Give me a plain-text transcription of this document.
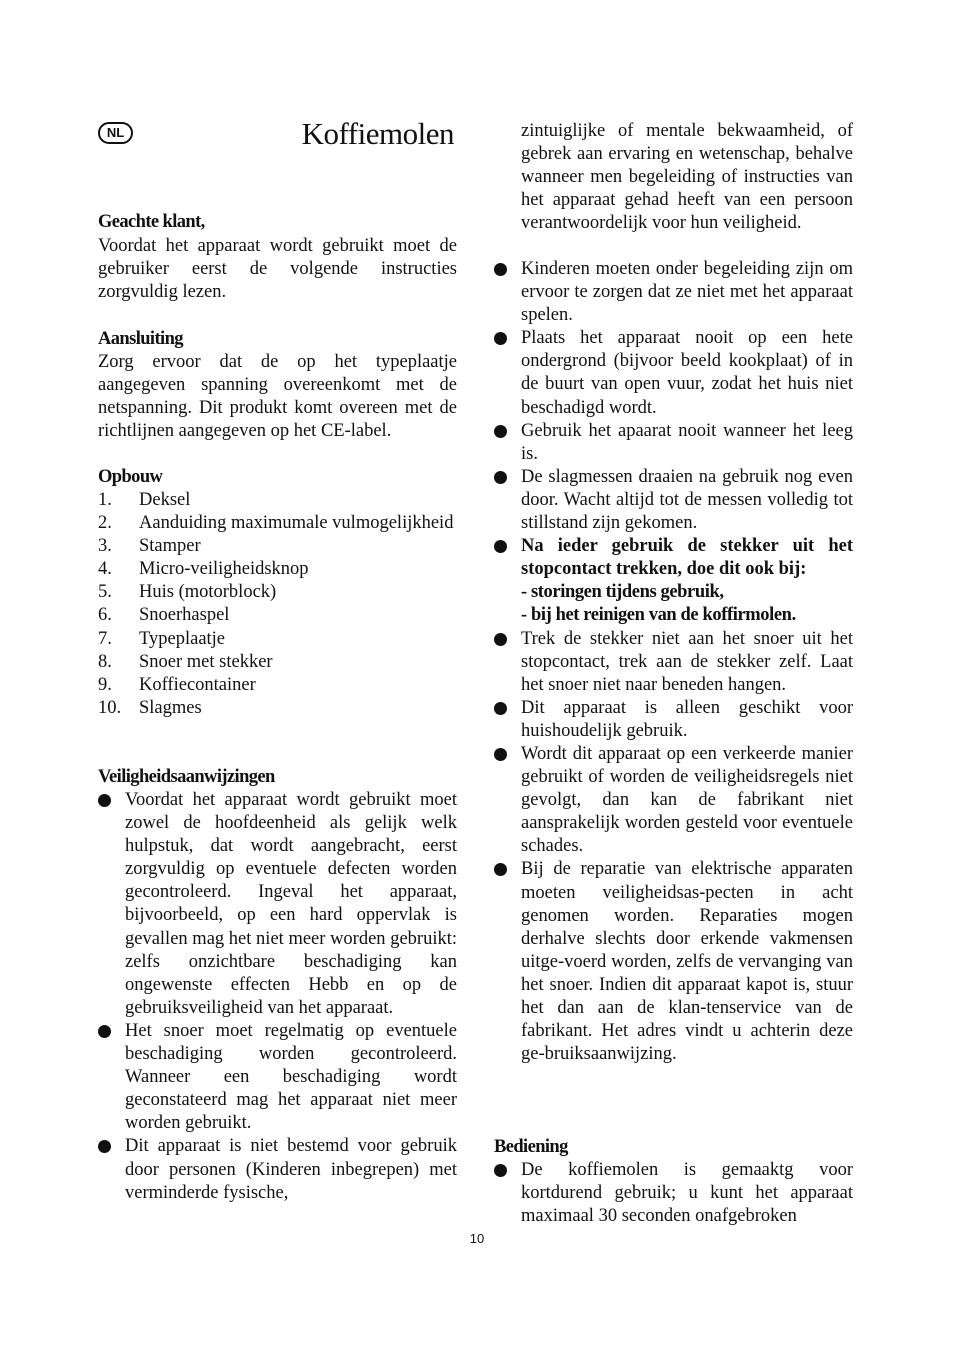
NL	Koffiemolen
Geachte klant,
Voordat het apparaat wordt gebruikt moet de gebruiker eerst de volgende instructies zorgvuldig lezen.
Aansluiting
Zorg ervoor dat de op het typeplaatje aangegeven spanning overeenkomt met de netspanning. Dit produkt komt overeen met de richtlijnen aangegeven op het CE-label.
Opbouw
1. Deksel
2. Aanduiding maximumale vulmogelijkheid
3. Stamper
4. Micro-veiligheidsknop
5. Huis (motorblock)
6. Snoerhaspel
7. Typeplaatje
8. Snoer met stekker
9. Koffiecontainer
10. Slagmes
Veiligheidsaanwijzingen
Voordat het apparaat wordt gebruikt moet zowel de hoofdeenheid als gelijk welk hulpstuk, dat wordt aangebracht, eerst zorgvuldig op eventuele defecten worden gecontroleerd. Ingeval het apparaat, bijvoorbeeld, op een hard oppervlak is gevallen mag het niet meer worden gebruikt: zelfs onzichtbare beschadiging kan ongewenste effecten Hebb en op de gebruiksveiligheid van het apparaat.
Het snoer moet regelmatig op eventuele beschadiging worden gecontroleerd. Wanneer een beschadiging wordt geconstateerd mag het apparaat niet meer worden gebruikt.
Dit apparaat is niet bestemd voor gebruik door personen (Kinderen inbegrepen) met verminderde fysische,
zintuiglijke of mentale bekwaamheid, of gebrek aan ervaring en wetenschap, behalve wanneer men begeleiding of instructies van het apparaat gehad heeft van een persoon verantwoordelijk voor hun veiligheid.
Kinderen moeten onder begeleiding zijn om ervoor te zorgen dat ze niet met het apparaat spelen.
Plaats het apparaat nooit op een hete ondergrond (bijvoor beeld kookplaat) of in de buurt van open vuur, zodat het huis niet beschadigd wordt.
Gebruik het apaarat nooit wanneer het leeg is.
De slagmessen draaien na gebruik nog even door. Wacht altijd tot de messen volledig tot stillstand zijn gekomen.
Na ieder gebruik de stekker uit het stopcontact trekken, doe dit ook bij:
- storingen tijdens gebruik,
- bij het reinigen van de koffirmolen.
Trek de stekker niet aan het snoer uit het stopcontact, trek aan de stekker zelf. Laat het snoer niet naar beneden hangen.
Dit apparaat is alleen geschikt voor huishoudelijk gebruik.
Wordt dit apparaat op een verkeerde manier gebruikt of worden de veiligheidsregels niet gevolgt, dan kan de fabrikant niet aansprakelijk worden gesteld voor eventuele schades.
Bij de reparatie van elektrische apparaten moeten veiligheidsas-pecten in acht genomen worden. Reparaties mogen derhalve slechts door erkende vakmensen uitge-voerd worden, zelfs de vervanging van het snoer. Indien dit apparaat kapot is, stuur het dan aan de klan-tenservice van de fabrikant. Het adres vindt u achterin deze ge-bruiksaanwijzing.
Bediening
De koffiemolen is gemaaktg voor kortdurend gebruik; u kunt het apparaat maximaal 30 seconden onafgebroken
10
